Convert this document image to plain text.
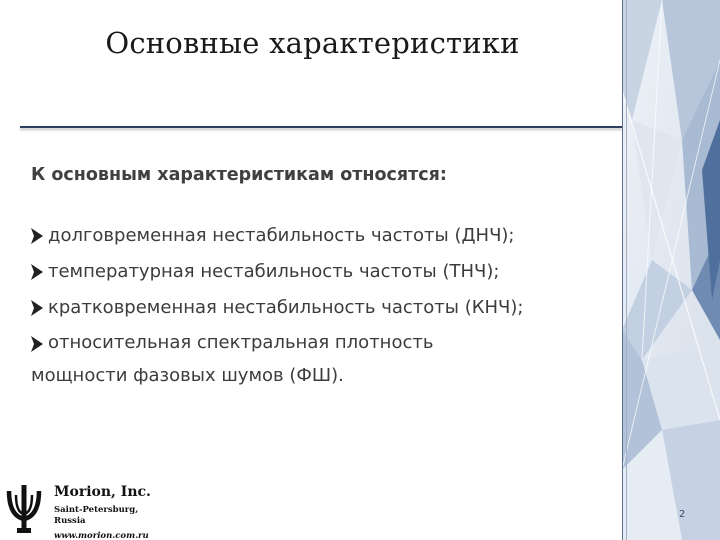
Основные характеристики
К основным характеристикам относятся:
долговременная нестабильность частоты (ДНЧ);
температурная нестабильность частоты (ТНЧ);
кратковременная нестабильность частоты (КНЧ);
относительная спектральная плотность
мощности фазовых шумов (ФШ).
Morion, Inc.
Saint-Petersburg,
Russia
www.morion.com.ru
2
